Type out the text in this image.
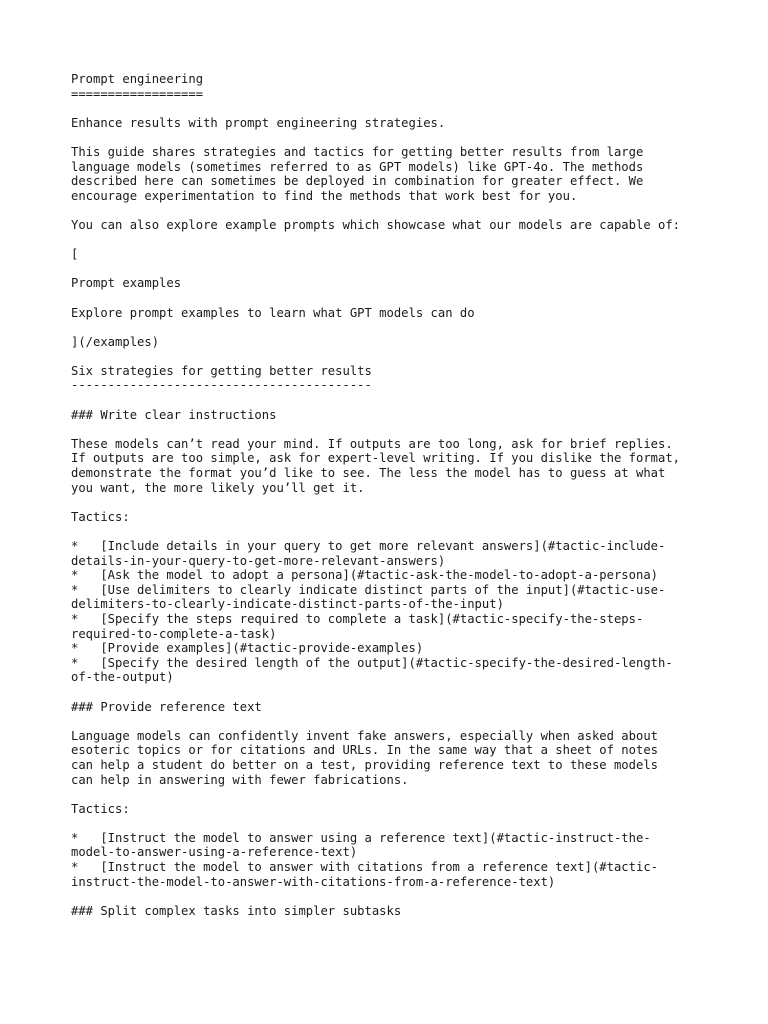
Prompt engineering
==================
Enhance results with prompt engineering strategies.
This guide shares strategies and tactics for getting better results from large
language models (sometimes referred to as GPT models) like GPT-4o. The methods
described here can sometimes be deployed in combination for greater effect. We
encourage experimentation to find the methods that work best for you.
You can also explore example prompts which showcase what our models are capable of:
[
Prompt examples
Explore prompt examples to learn what GPT models can do
](/examples)
Six strategies for getting better results
-----------------------------------------
### Write clear instructions
These models can’t read your mind. If outputs are too long, ask for brief replies.
If outputs are too simple, ask for expert-level writing. If you dislike the format,
demonstrate the format you’d like to see. The less the model has to guess at what
you want, the more likely you’ll get it.
Tactics:
*   [Include details in your query to get more relevant answers](#tactic-include-
details-in-your-query-to-get-more-relevant-answers)
*   [Ask the model to adopt a persona](#tactic-ask-the-model-to-adopt-a-persona)
*   [Use delimiters to clearly indicate distinct parts of the input](#tactic-use-
delimiters-to-clearly-indicate-distinct-parts-of-the-input)
*   [Specify the steps required to complete a task](#tactic-specify-the-steps-
required-to-complete-a-task)
*   [Provide examples](#tactic-provide-examples)
*   [Specify the desired length of the output](#tactic-specify-the-desired-length-
of-the-output)
### Provide reference text
Language models can confidently invent fake answers, especially when asked about
esoteric topics or for citations and URLs. In the same way that a sheet of notes
can help a student do better on a test, providing reference text to these models
can help in answering with fewer fabrications.
Tactics:
*   [Instruct the model to answer using a reference text](#tactic-instruct-the-
model-to-answer-using-a-reference-text)
*   [Instruct the model to answer with citations from a reference text](#tactic-
instruct-the-model-to-answer-with-citations-from-a-reference-text)
### Split complex tasks into simpler subtasks
